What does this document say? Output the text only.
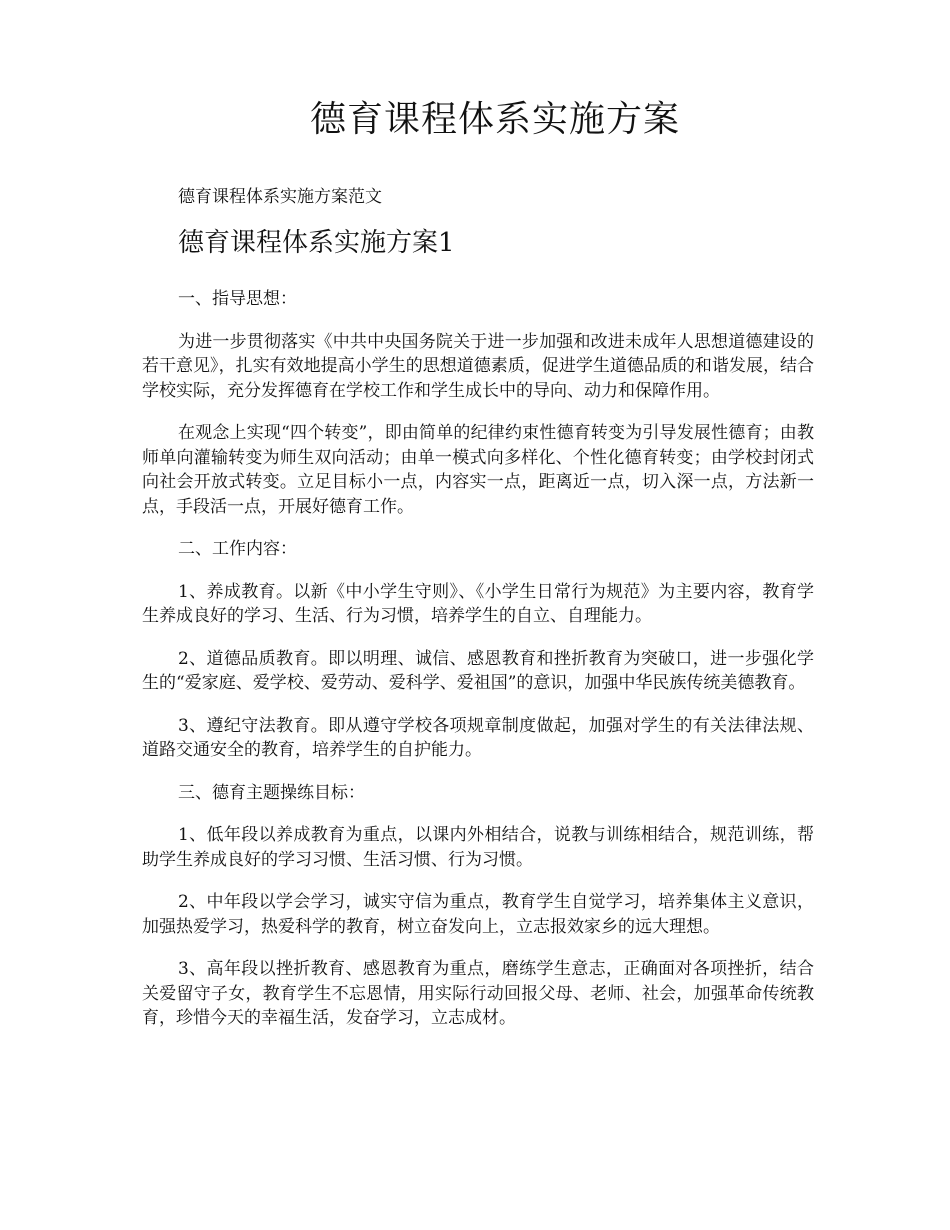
德育课程体系实施方案

德育课程体系实施方案范文

德育课程体系实施方案1

一、指导思想：

为进一步贯彻落实《中共中央国务院关于进一步加强和改进未成年人思想道德建设的若干意见》，扎实有效地提高小学生的思想道德素质，促进学生道德品质的和谐发展，结合学校实际，充分发挥德育在学校工作和学生成长中的导向、动力和保障作用。

在观念上实现“四个转变”，即由简单的纪律约束性德育转变为引导发展性德育；由教师单向灌输转变为师生双向活动；由单一模式向多样化、个性化德育转变；由学校封闭式向社会开放式转变。立足目标小一点，内容实一点，距离近一点，切入深一点，方法新一点，手段活一点，开展好德育工作。

二、工作内容：

1、养成教育。以新《中小学生守则》、《小学生日常行为规范》为主要内容，教育学生养成良好的学习、生活、行为习惯，培养学生的自立、自理能力。

2、道德品质教育。即以明理、诚信、感恩教育和挫折教育为突破口，进一步强化学生的“爱家庭、爱学校、爱劳动、爱科学、爱祖国”的意识，加强中华民族传统美德教育。

3、遵纪守法教育。即从遵守学校各项规章制度做起，加强对学生的有关法律法规、道路交通安全的教育，培养学生的自护能力。

三、德育主题操练目标：

1、低年段以养成教育为重点，以课内外相结合，说教与训练相结合，规范训练，帮助学生养成良好的学习习惯、生活习惯、行为习惯。

2、中年段以学会学习，诚实守信为重点，教育学生自觉学习，培养集体主义意识，加强热爱学习，热爱科学的教育，树立奋发向上，立志报效家乡的远大理想。

3、高年段以挫折教育、感恩教育为重点，磨练学生意志，正确面对各项挫折，结合关爱留守子女，教育学生不忘恩情，用实际行动回报父母、老师、社会，加强革命传统教育，珍惜今天的幸福生活，发奋学习，立志成材。
